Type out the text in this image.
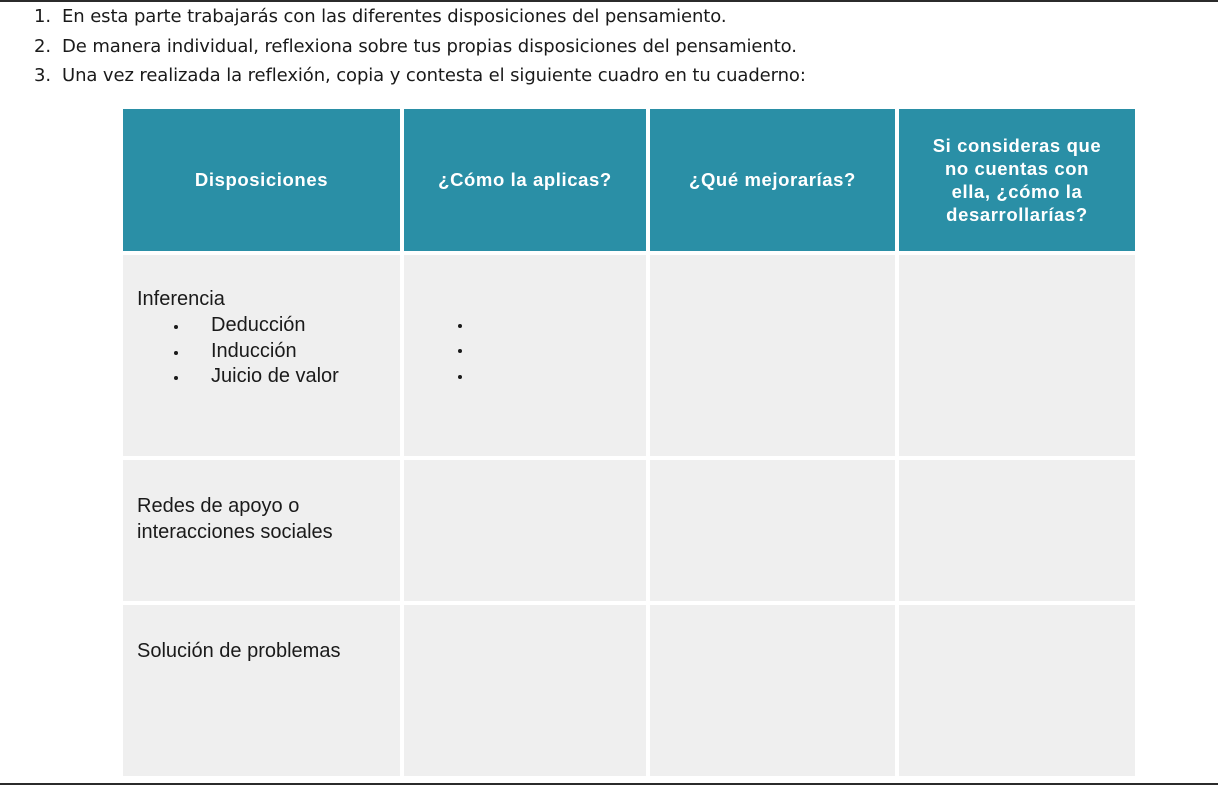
1. En esta parte trabajarás con las diferentes disposiciones del pensamiento.
2. De manera individual, reflexiona sobre tus propias disposiciones del pensamiento.
3. Una vez realizada la reflexión, copia y contesta el siguiente cuadro en tu cuaderno:
Disposiciones	¿Cómo la aplicas?	¿Qué mejorarías?
Si consideras que
no cuentas con
ella, ¿cómo la
desarrollarías?
Inferencia
Deducción
Inducción
Juicio de valor
Redes de apoyo o
interacciones sociales
Solución de problemas
